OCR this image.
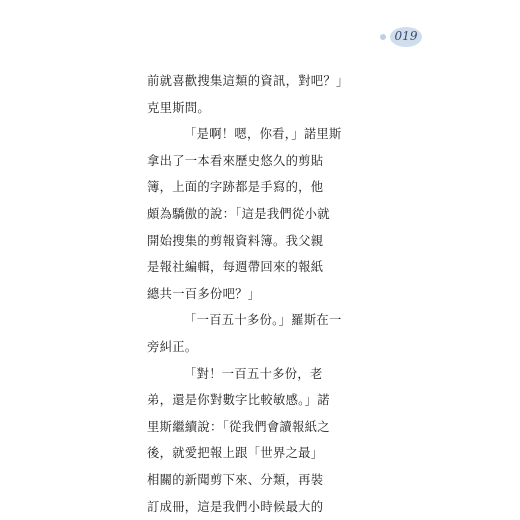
019
前就喜歡搜集這類的資訊，對吧？」
克里斯問。
「是啊！嗯，你看，」諾里斯
拿出了一本看來歷史悠久的剪貼
簿，上面的字跡都是手寫的，他
頗為驕傲的說：「這是我們從小就
開始搜集的剪報資料簿。我父親
是報社編輯，每週帶回來的報紙
總共一百多份吧？」
「一百五十多份。」羅斯在一
旁糾正。
「對！一百五十多份，老
弟，還是你對數字比較敏感。」諾
里斯繼續說：「從我們會讀報紙之
後，就愛把報上跟「世界之最」
相關的新聞剪下來、分類，再裝
訂成冊，這是我們小時候最大的
